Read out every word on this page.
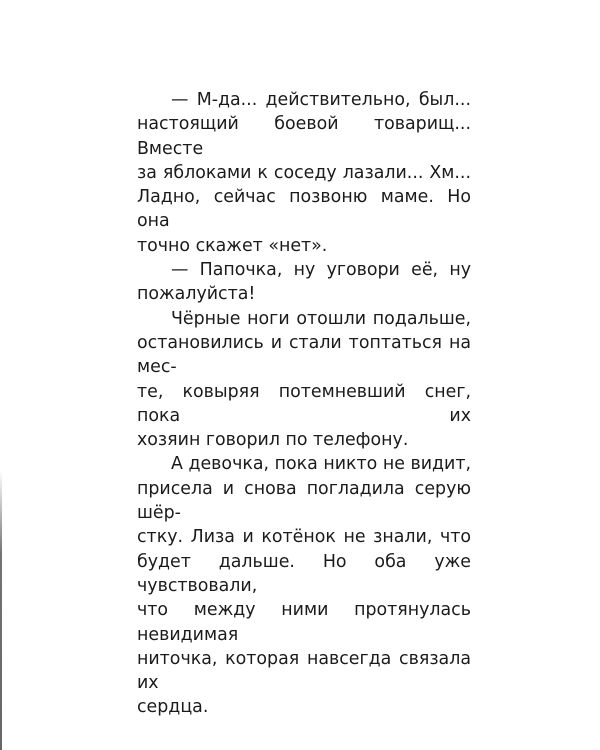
— М-да... действительно, был...
настоящий боевой товарищ... Вместе
за яблоками к соседу лазали... Хм...
Ладно, сейчас позвоню маме. Но она
точно скажет «нет».

— Папочка, ну уговори её, ну
пожалуйста!

Чёрные ноги отошли подальше,
остановились и стали топтаться на мес-
те, ковыряя потемневший снег, пока их
хозяин говорил по телефону.

А девочка, пока никто не видит,
присела и снова погладила серую шёр-
стку. Лиза и котёнок не знали, что
будет дальше. Но оба уже чувствовали,
что между ними протянулась невидимая
ниточка, которая навсегда связала их
сердца.
